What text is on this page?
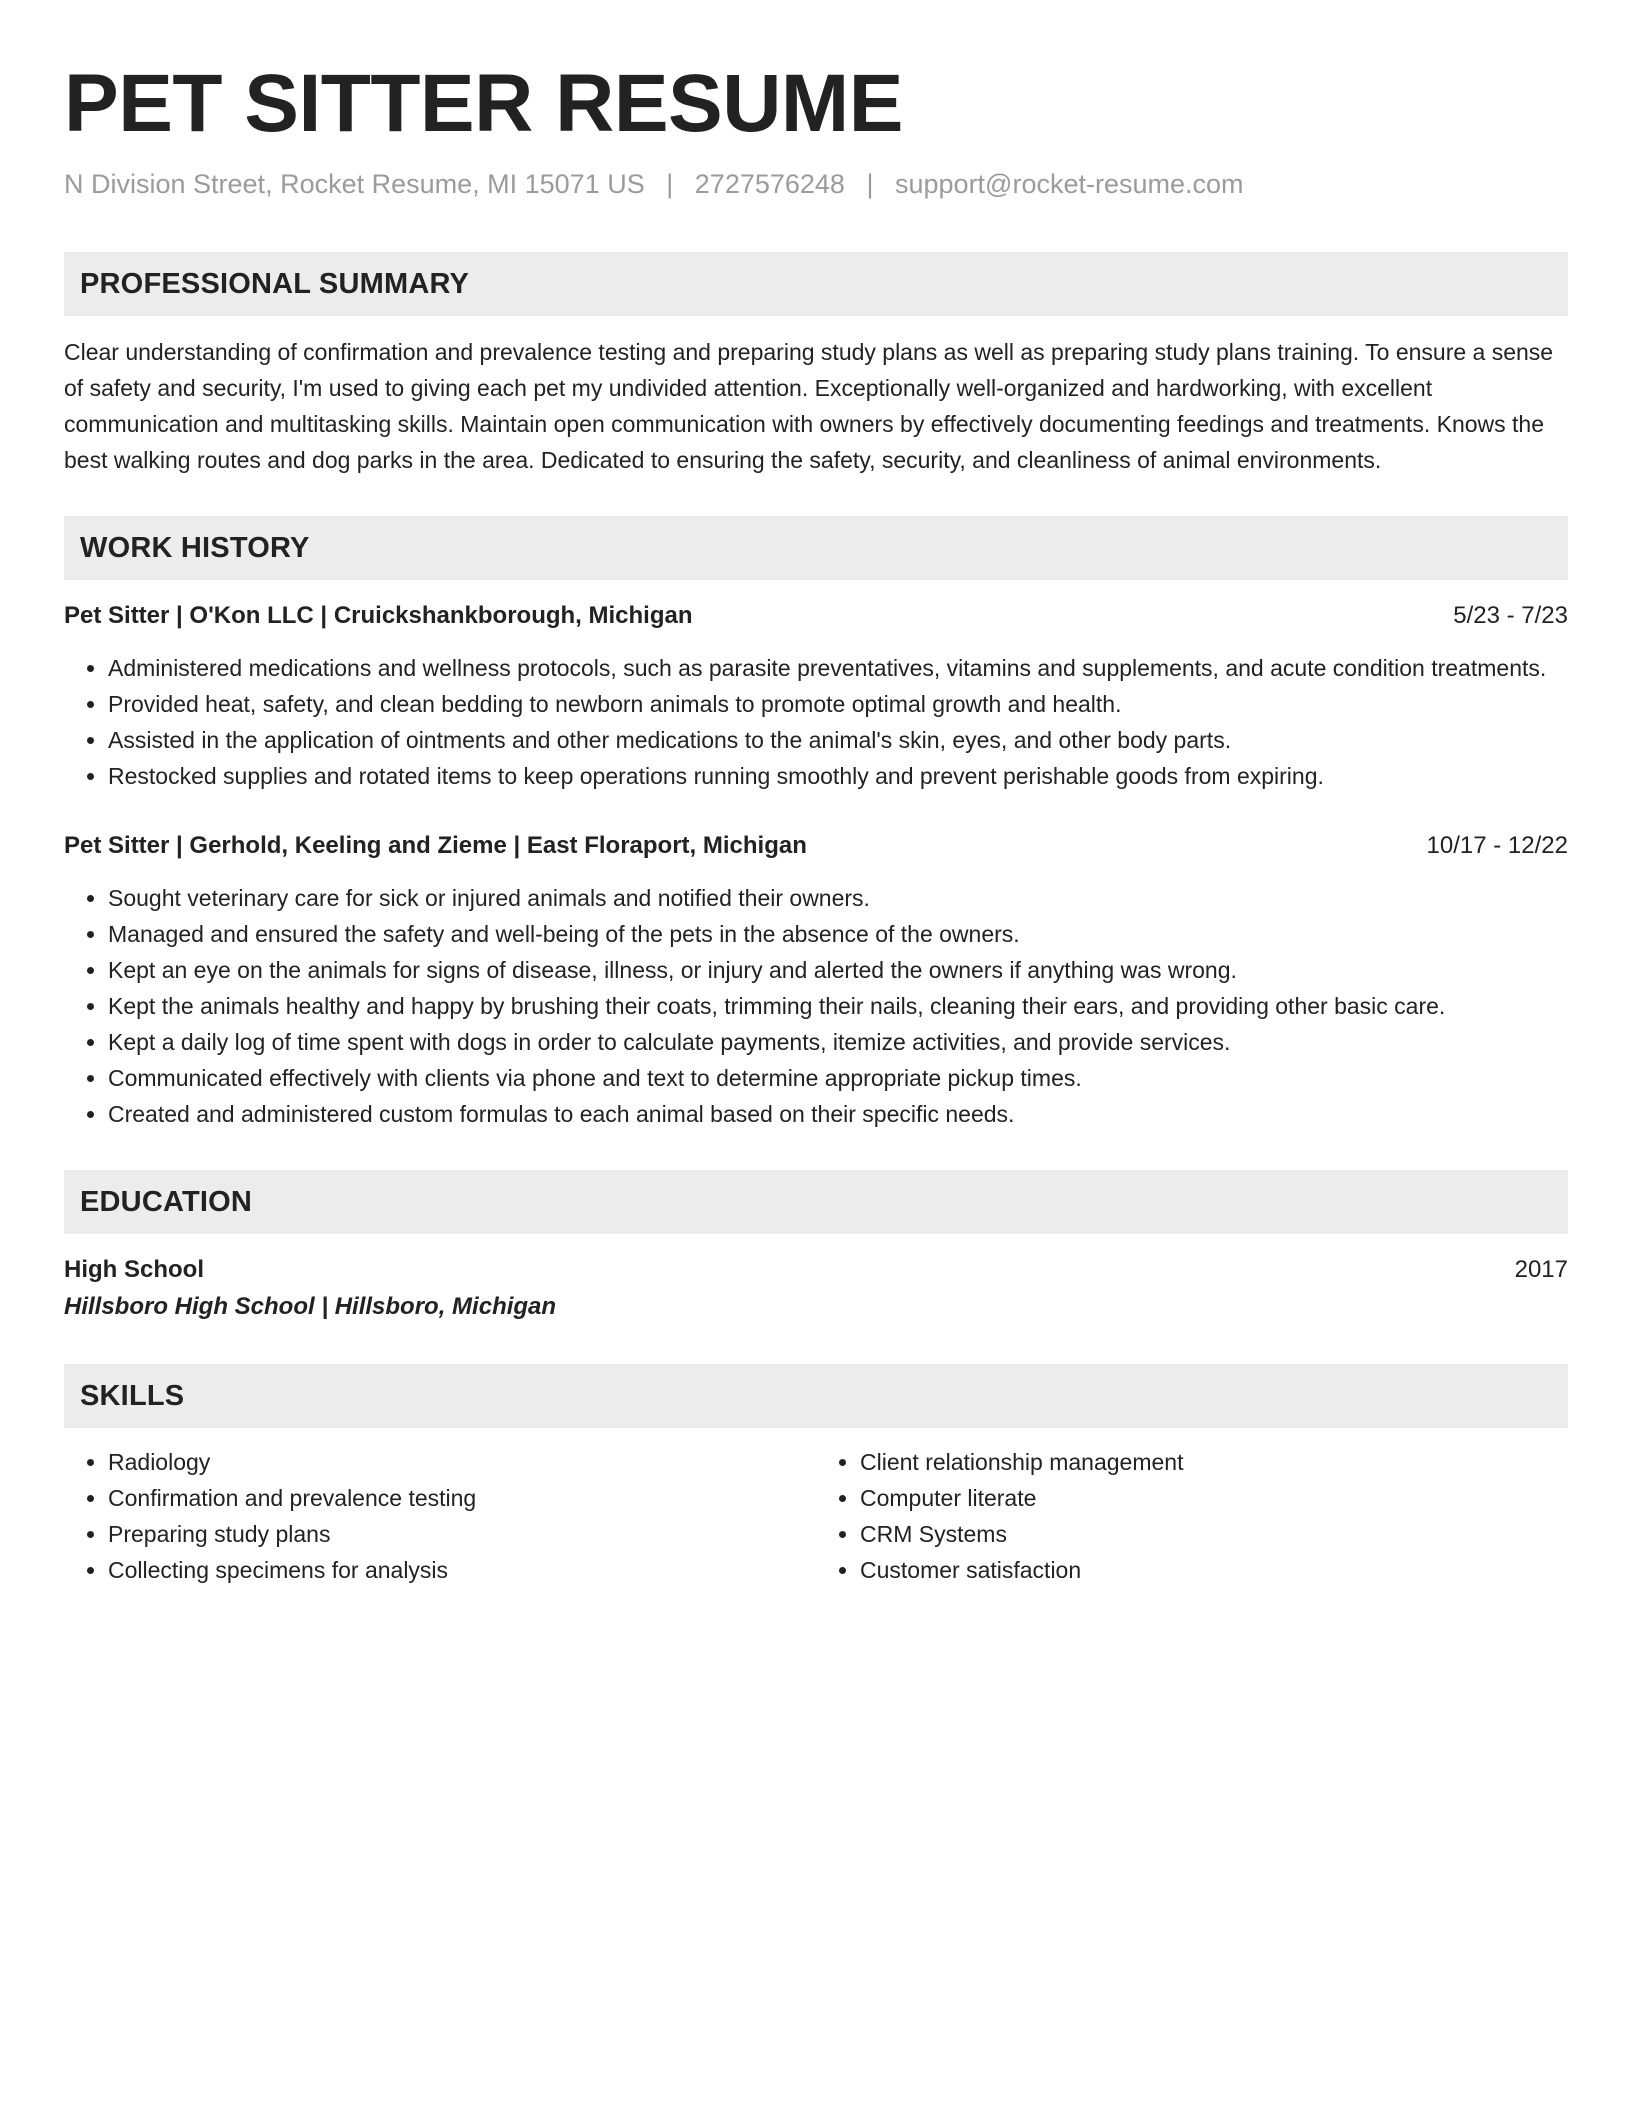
PET SITTER RESUME
N Division Street, Rocket Resume, MI 15071 US | 2727576248 | support@rocket-resume.com
PROFESSIONAL SUMMARY
Clear understanding of confirmation and prevalence testing and preparing study plans as well as preparing study plans training. To ensure a sense of safety and security, I'm used to giving each pet my undivided attention. Exceptionally well-organized and hardworking, with excellent communication and multitasking skills. Maintain open communication with owners by effectively documenting feedings and treatments. Knows the best walking routes and dog parks in the area. Dedicated to ensuring the safety, security, and cleanliness of animal environments.
WORK HISTORY
Pet Sitter | O'Kon LLC | Cruickshankborough, Michigan	5/23 - 7/23
• Administered medications and wellness protocols, such as parasite preventatives, vitamins and supplements, and acute condition treatments.
• Provided heat, safety, and clean bedding to newborn animals to promote optimal growth and health.
• Assisted in the application of ointments and other medications to the animal's skin, eyes, and other body parts.
• Restocked supplies and rotated items to keep operations running smoothly and prevent perishable goods from expiring.
Pet Sitter | Gerhold, Keeling and Zieme | East Floraport, Michigan	10/17 - 12/22
• Sought veterinary care for sick or injured animals and notified their owners.
• Managed and ensured the safety and well-being of the pets in the absence of the owners.
• Kept an eye on the animals for signs of disease, illness, or injury and alerted the owners if anything was wrong.
• Kept the animals healthy and happy by brushing their coats, trimming their nails, cleaning their ears, and providing other basic care.
• Kept a daily log of time spent with dogs in order to calculate payments, itemize activities, and provide services.
• Communicated effectively with clients via phone and text to determine appropriate pickup times.
• Created and administered custom formulas to each animal based on their specific needs.
EDUCATION
High School	2017
Hillsboro High School | Hillsboro, Michigan
SKILLS
• Radiology
• Confirmation and prevalence testing
• Preparing study plans
• Collecting specimens for analysis
• Client relationship management
• Computer literate
• CRM Systems
• Customer satisfaction
